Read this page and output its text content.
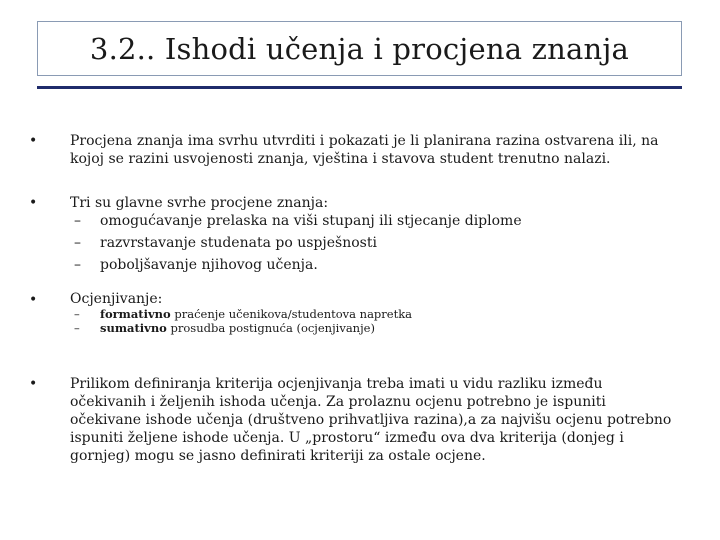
3.2.. Ishodi učenja i procjena znanja
• Procjena znanja ima svrhu utvrditi i pokazati je li planirana razina ostvarena ili, na
kojoj se razini usvojenosti znanja, vještina i stavova student trenutno nalazi.
• Tri su glavne svrhe procjene znanja:
– omogućavanje prelaska na viši stupanj ili stjecanje diplome
– razvrstavanje studenata po uspješnosti
– poboljšavanje njihovog učenja.
• Ocjenjivanje:
– formativno praćenje učenikova/studentova napretka
– sumativno prosudba postignuća (ocjenjivanje)
• Prilikom definiranja kriterija ocjenjivanja treba imati u vidu razliku između
očekivanih i željenih ishoda učenja. Za prolaznu ocjenu potrebno je ispuniti
očekivane ishode učenja (društveno prihvatljiva razina),a za najvišu ocjenu potrebno
ispuniti željene ishode učenja. U „prostoru“ između ova dva kriterija (donjeg i
gornjeg) mogu se jasno definirati kriteriji za ostale ocjene.
